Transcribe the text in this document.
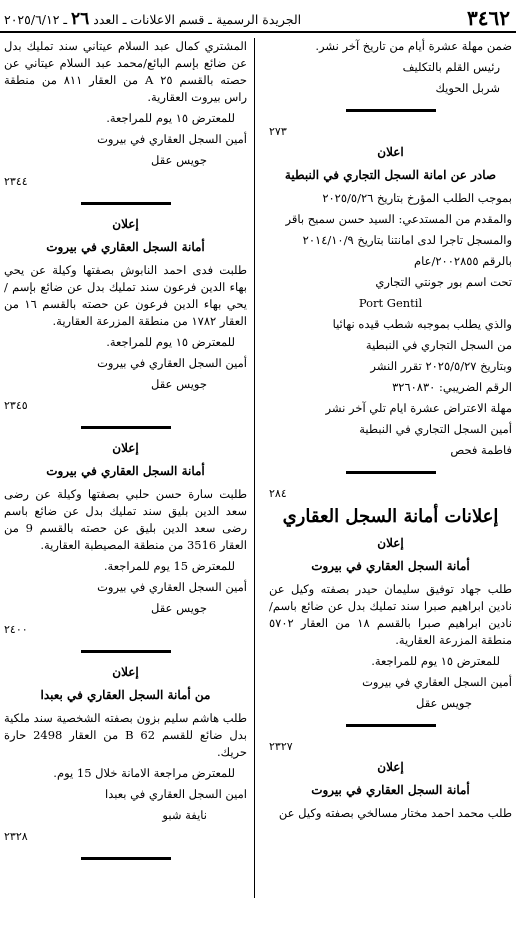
٣٤٦٢
الجريدة الرسمية ـ قسم الاعلانات ـ العدد ٢٦ ـ ٢٠٢٥/٦/١٢

ضمن مهلة عشرة أيام من تاريخ آخر نشر.

رئيس القلم بالتكليف

شربل الحويك

٢٧٣

اعلان

صادر عن امانة السجل التجاري في النبطية

بموجب الطلب المؤرخ بتاريخ ٢٠٢٥/٥/٢٦

والمقدم من المستدعي: السيد حسن سميح باقر

والمسجل تاجرا لدى امانتنا بتاريخ ٢٠١٤/١٠/٩

بالرقم ٢٠٠٢٨٥٥/عام

تحت اسم بور جونتي التجاري

Port Gentil

والذي يطلب بموجبه شطب قيده نهائيا

من السجل التجاري في النبطية

وبتاريخ ٢٠٢٥/٥/٢٧ تقرر النشر

الرقم الضريبي: ٣٢٦٠٨٣٠

مهلة الاعتراض عشرة ايام تلي آخر نشر

أمين السجل التجاري في النبطية

فاطمة فحص

٢٨٤

إعلانات أمانة السجل العقاري

إعلان

أمانة السجل العقاري في بيروت

طلب جهاد توفيق سليمان حيدر بصفته وكيل عن نادين ابراهيم صبرا سند تمليك بدل عن ضائع باسم/ نادين ابراهيم صبرا بالقسم ١٨ من العقار ٥٧٠٢ منطقة المزرعة العقارية.

للمعترض ١٥ يوم للمراجعة.

أمين السجل العقاري في بيروت

جويس عقل

٢٣٢٧

إعلان

أمانة السجل العقاري في بيروت

طلب محمد احمد مختار مسالخي بصفته وكيل عن

المشتري كمال عبد السلام عيتاني سند تمليك بدل عن ضائع بإسم البائع/محمد عبد السلام عيتاني عن حصته بالقسم ٢٥ A من العقار ٨١١ من منطقة راس بيروت العقارية.

للمعترض ١٥ يوم للمراجعة.

أمين السجل العقاري في بيروت

جويس عقل

٢٣٤٤

إعلان

أمانة السجل العقاري في بيروت

طلبت فدى احمد النابوش بصفتها وكيلة عن يحي بهاء الدين فرعون سند تمليك بدل عن ضائع بإسم / يحي بهاء الدين فرعون عن حصته بالقسم ١٦ من العقار ١٧٨٢ من منطقة المزرعة العقارية.

للمعترض ١٥ يوم للمراجعة.

أمين السجل العقاري في بيروت

جويس عقل

٢٣٤٥

إعلان

أمانة السجل العقاري في بيروت

طلبت سارة حسن حلبي بصفتها وكيلة عن رضى سعد الدين بليق سند تمليك بدل عن ضائع باسم رضى سعد الدين بليق عن حصته بالقسم 9 من العقار 3516 من منطقة المصيطبة العقارية.

للمعترض 15 يوم للمراجعة.

أمين السجل العقاري في بيروت

جويس عقل

٢٤٠٠

إعلان

من أمانة السجل العقاري في بعبدا

طلب هاشم سليم بزون بصفته الشخصية سند ملكية بدل ضائع للقسم B 62 من العقار 2498 حارة حريك.

للمعترض مراجعة الامانة خلال 15 يوم.

امين السجل العقاري في بعبدا

نايفة شبو

٢٣٢٨
